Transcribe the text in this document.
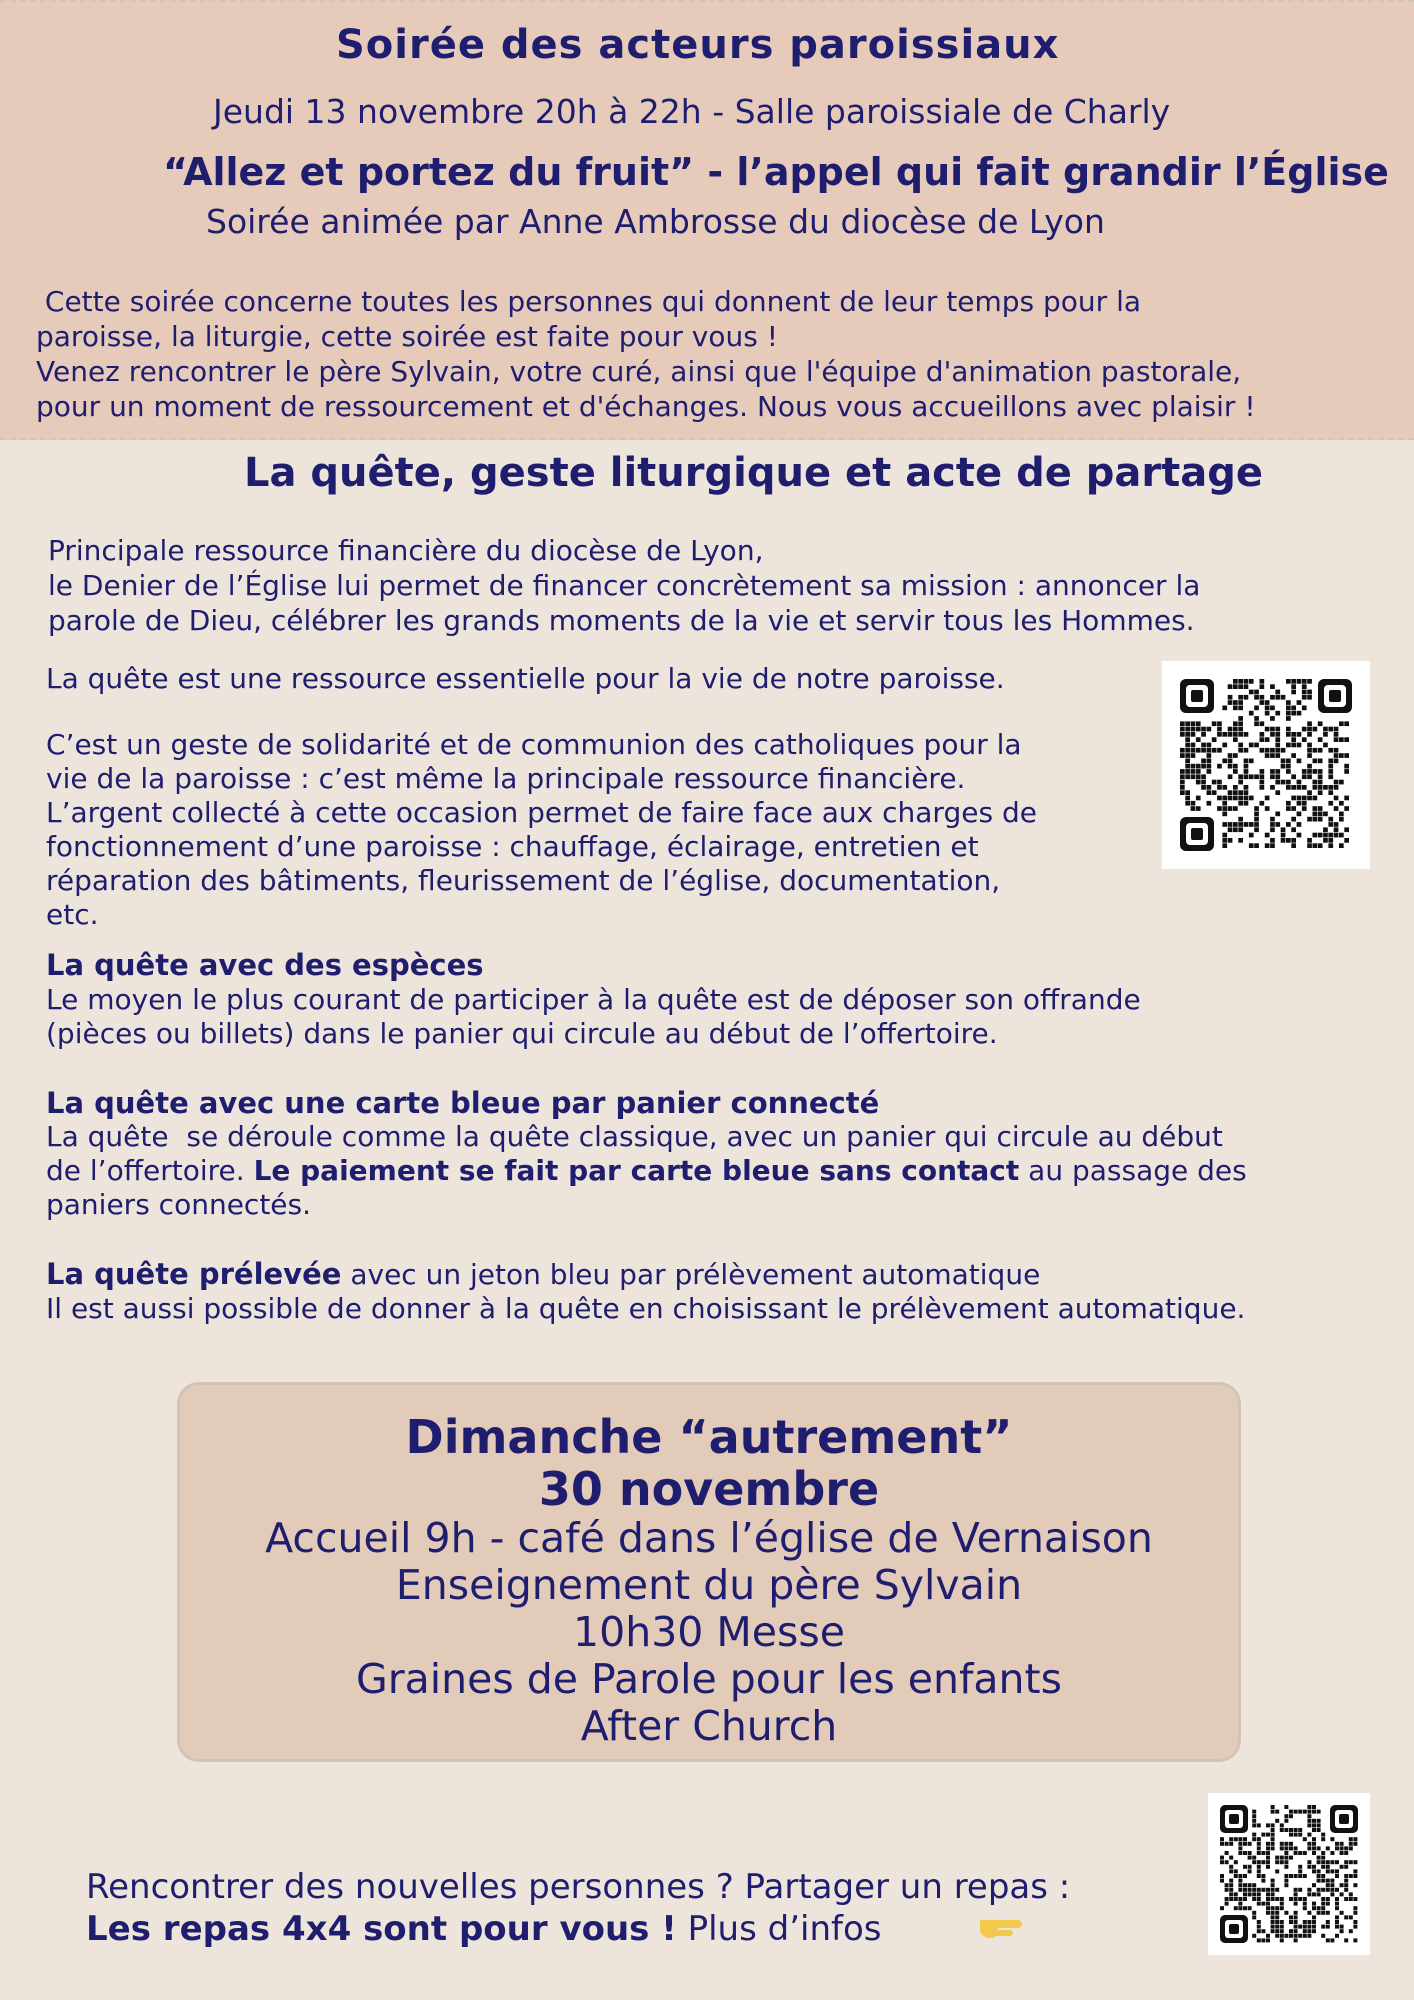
Soirée des acteurs paroissiaux
Jeudi 13 novembre 20h à 22h - Salle paroissiale de Charly
“Allez et portez du fruit” - l’appel qui fait grandir l’Église
Soirée animée par Anne Ambrosse du diocèse de Lyon
Cette soirée concerne toutes les personnes qui donnent de leur temps pour la
paroisse, la liturgie, cette soirée est faite pour vous !
Venez rencontrer le père Sylvain, votre curé, ainsi que l'équipe d'animation pastorale,
pour un moment de ressourcement et d'échanges. Nous vous accueillons avec plaisir !
La quête, geste liturgique et acte de partage
Principale ressource financière du diocèse de Lyon,
le Denier de l’Église lui permet de financer concrètement sa mission : annoncer la
parole de Dieu, célébrer les grands moments de la vie et servir tous les Hommes.
La quête est une ressource essentielle pour la vie de notre paroisse.
C’est un geste de solidarité et de communion des catholiques pour la
vie de la paroisse : c’est même la principale ressource financière.
L’argent collecté à cette occasion permet de faire face aux charges de
fonctionnement d’une paroisse : chauffage, éclairage, entretien et
réparation des bâtiments, fleurissement de l’église, documentation,
etc.
La quête avec des espèces
Le moyen le plus courant de participer à la quête est de déposer son offrande
(pièces ou billets) dans le panier qui circule au début de l’offertoire.
La quête avec une carte bleue par panier connecté
La quête  se déroule comme la quête classique, avec un panier qui circule au début
de l’offertoire. Le paiement se fait par carte bleue sans contact au passage des
paniers connectés.
La quête prélevée avec un jeton bleu par prélèvement automatique
Il est aussi possible de donner à la quête en choisissant le prélèvement automatique.
Dimanche “autrement”
30 novembre
Accueil 9h - café dans l’église de Vernaison
Enseignement du père Sylvain
10h30 Messe
Graines de Parole pour les enfants
After Church
Rencontrer des nouvelles personnes ? Partager un repas :
Les repas 4x4 sont pour vous ! Plus d’infos
